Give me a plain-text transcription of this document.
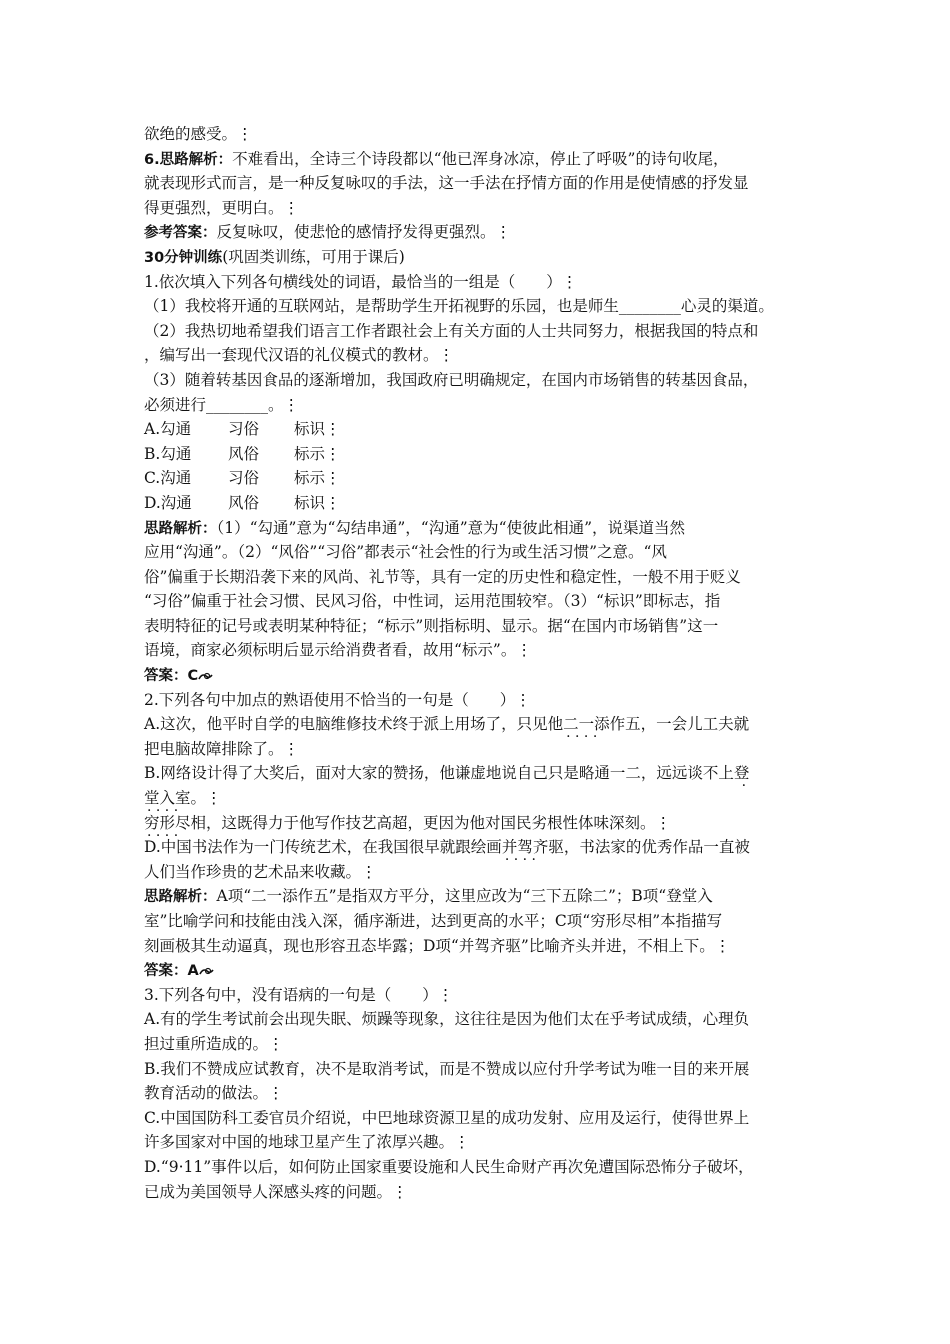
欲绝的感受。⋮
6.思路解析：不难看出，全诗三个诗段都以“他已浑身冰凉，停止了呼吸”的诗句收尾，
就表现形式而言，是一种反复咏叹的手法，这一手法在抒情方面的作用是使情感的抒发显
得更强烈，更明白。⋮
参考答案：反复咏叹，使悲怆的感情抒发得更强烈。⋮
30分钟训练(巩固类训练，可用于课后)
1.依次填入下列各句横线处的词语，最恰当的一组是（　　）⋮
（1）我校将开通的互联网站，是帮助学生开拓视野的乐园，也是师生________心灵的渠道。
（2）我热切地希望我们语言工作者跟社会上有关方面的人士共同努力，根据我国的特点和
，编写出一套现代汉语的礼仪模式的教材。⋮
（3）随着转基因食品的逐渐增加，我国政府已明确规定，在国内市场销售的转基因食品，
必须进行________。⋮
A.勾通 习俗 标识⋮
B.勾通 风俗 标示⋮
C.沟通 习俗 标示⋮
D.沟通 风俗 标识⋮
思路解析：（1）“勾通”意为“勾结串通”，“沟通”意为“使彼此相通”，说渠道当然
应用“沟通”。（2）“风俗”“习俗”都表示“社会性的行为或生活习惯”之意。“风
俗”偏重于长期沿袭下来的风尚、礼节等，具有一定的历史性和稳定性，一般不用于贬义
“习俗”偏重于社会习惯、民风习俗，中性词，运用范围较窄。（3）“标识”即标志，指
表明特征的记号或表明某种特征；“标示”则指标明、显示。据“在国内市场销售”这一
语境，商家必须标明后显示给消费者看，故用“标示”。⋮
答案：C
2.下列各句中加点的熟语使用不恰当的一句是（　　）⋮
A.这次，他平时自学的电脑维修技术终于派上用场了，只见他二一添作五 · · · ·，一会儿工夫就
把电脑故障排除了。⋮
B.网络设计得了大奖后，面对大家的赞扬，他谦虚地说自己只是略通一二，远远谈不上登
堂入室 · · · ·。⋮
穷形尽相 · · · ·，这既得力于他写作技艺高超，更因为他对国民劣根性体味深刻。⋮
D.中国书法作为一门传统艺术，在我国很早就跟绘画并驾齐驱 · · · ·，书法家的优秀作品一直被
人们当作珍贵的艺术品来收藏。⋮
思路解析：A项“二一添作五”是指双方平分，这里应改为“三下五除二”；B项“登堂入
室”比喻学问和技能由浅入深，循序渐进，达到更高的水平；C项“穷形尽相”本指描写
刻画极其生动逼真，现也形容丑态毕露；D项“并驾齐驱”比喻齐头并进，不相上下。⋮
答案：A
3.下列各句中，没有语病的一句是（　　）⋮
A.有的学生考试前会出现失眠、烦躁等现象，这往往是因为他们太在乎考试成绩，心理负
担过重所造成的。⋮
B.我们不赞成应试教育，决不是取消考试，而是不赞成以应付升学考试为唯一目的来开展
教育活动的做法。⋮
C.中国国防科工委官员介绍说，中巴地球资源卫星的成功发射、应用及运行，使得世界上
许多国家对中国的地球卫星产生了浓厚兴趣。⋮
D.“9·11”事件以后，如何防止国家重要设施和人民生命财产再次免遭国际恐怖分子破坏，
已成为美国领导人深感头疼的问题。⋮
